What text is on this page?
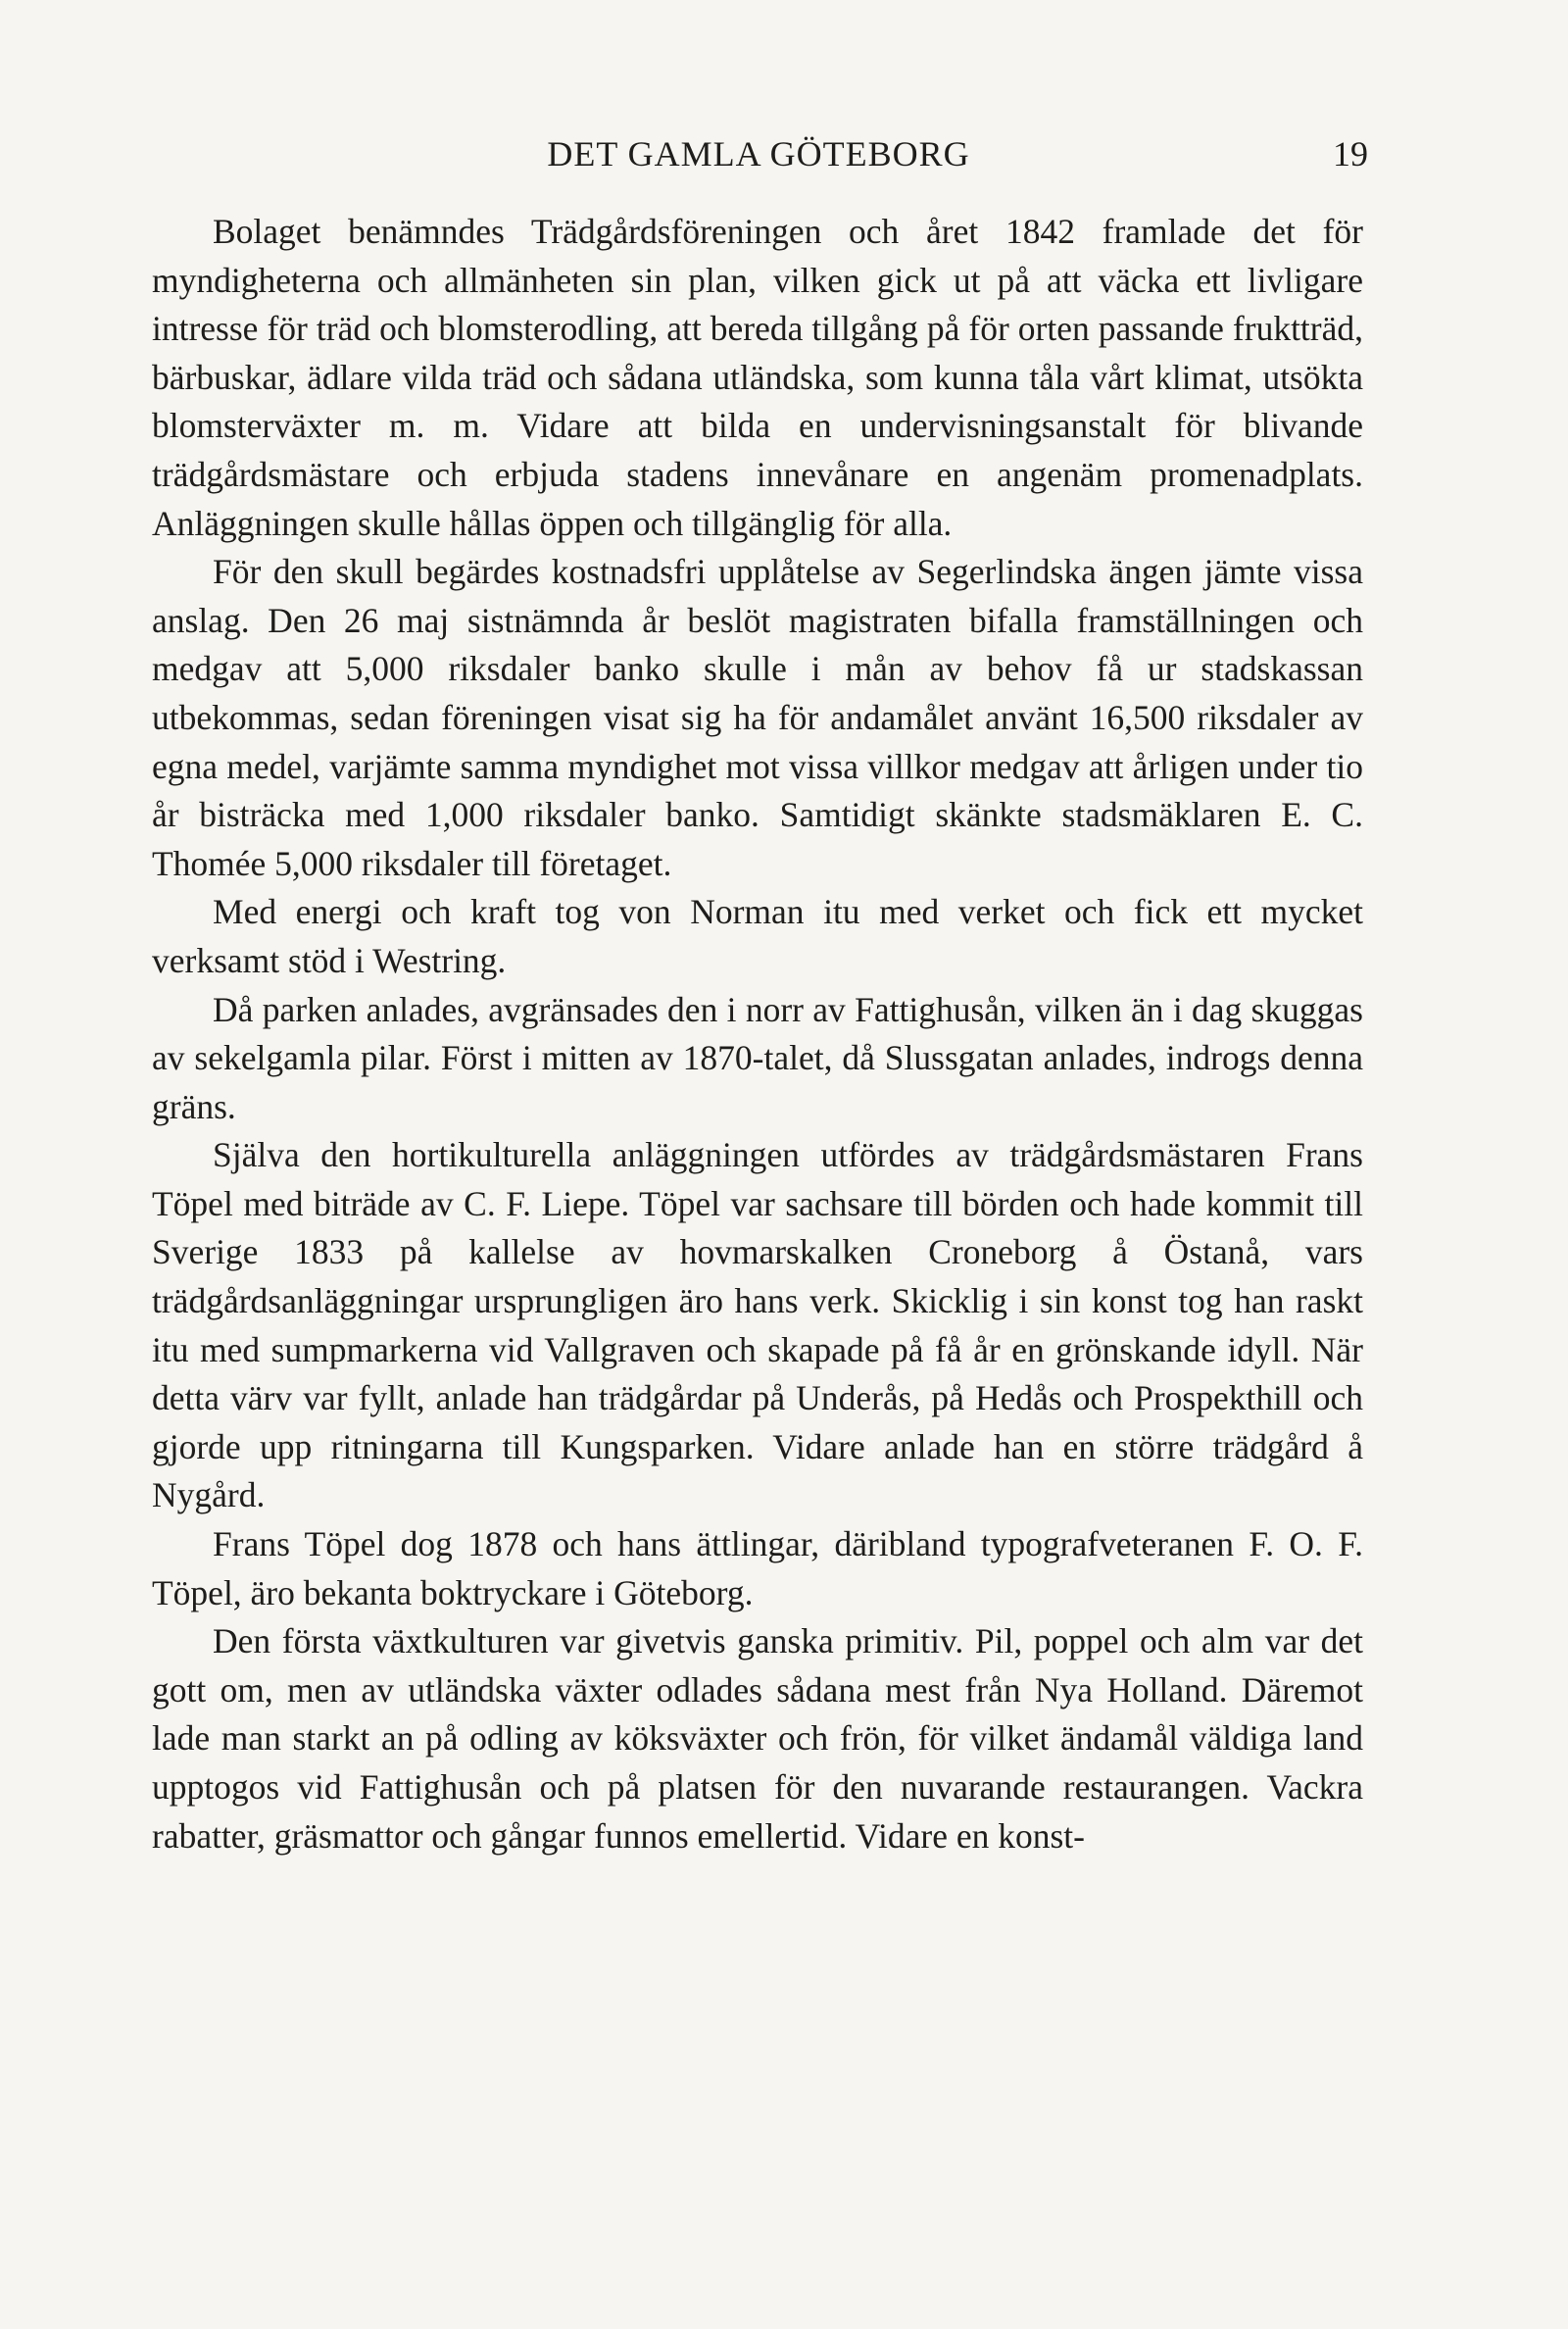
DET GAMLA GÖTEBORG	19

Bolaget benämndes Trädgårdsföreningen och året 1842 framlade det för myndigheterna och allmänheten sin plan, vilken gick ut på att väcka ett livligare intresse för träd och blomsterodling, att bereda tillgång på för orten passande fruktträd, bärbuskar, ädlare vilda träd och sådana utländska, som kunna tåla vårt klimat, utsökta blomsterväxter m. m. Vidare att bilda en undervisningsanstalt för blivande trädgårdsmästare och erbjuda stadens innevånare en angenäm promenadplats. Anläggningen skulle hållas öppen och tillgänglig för alla.

För den skull begärdes kostnadsfri upplåtelse av Segerlindska ängen jämte vissa anslag. Den 26 maj sistnämnda år beslöt magistraten bifalla framställningen och medgav att 5,000 riksdaler banko skulle i mån av behov få ur stadskassan utbekommas, sedan föreningen visat sig ha för andamålet använt 16,500 riksdaler av egna medel, varjämte samma myndighet mot vissa villkor medgav att årligen under tio år bisträcka med 1,000 riksdaler banko. Samtidigt skänkte stadsmäklaren E. C. Thomée 5,000 riksdaler till företaget.

Med energi och kraft tog von Norman itu med verket och fick ett mycket verksamt stöd i Westring.

Då parken anlades, avgränsades den i norr av Fattighusån, vilken än i dag skuggas av sekelgamla pilar. Först i mitten av 1870-talet, då Slussgatan anlades, indrogs denna gräns.

Själva den hortikulturella anläggningen utfördes av trädgårdsmästaren Frans Töpel med biträde av C. F. Liepe. Töpel var sachsare till börden och hade kommit till Sverige 1833 på kallelse av hovmarskalken Croneborg å Östanå, vars trädgårdsanläggningar ursprungligen äro hans verk. Skicklig i sin konst tog han raskt itu med sumpmarkerna vid Vallgraven och skapade på få år en grönskande idyll. När detta värv var fyllt, anlade han trädgårdar på Underås, på Hedås och Prospekthill och gjorde upp ritningarna till Kungsparken. Vidare anlade han en större trädgård å Nygård.

Frans Töpel dog 1878 och hans ättlingar, däribland typografveteranen F. O. F. Töpel, äro bekanta boktryckare i Göteborg.

Den första växtkulturen var givetvis ganska primitiv. Pil, poppel och alm var det gott om, men av utländska växter odlades sådana mest från Nya Holland. Däremot lade man starkt an på odling av köksväxter och frön, för vilket ändamål väldiga land upptogos vid Fattighusån och på platsen för den nuvarande restaurangen. Vackra rabatter, gräsmattor och gångar funnos emellertid. Vidare en konst-
